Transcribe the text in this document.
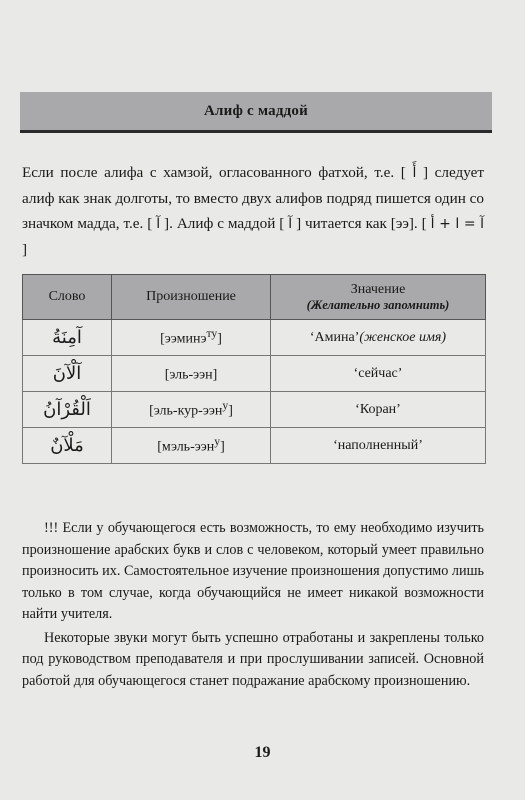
Алиф с маддой

Если после алифа с хамзой, огласованного фатхой, т.е. [ أَ ] следует алиф как знак долготы, то вместо двух алифов подряд пишется один со значком мадда, т.е. [ آ ]. Алиф с маддой [ آ ] читается как [ээ]. [ آ = ا + أ ]

Слово	Произношение	Значение
(Желательно запомнить)

آمِنَةُ	[ээминэ$^{ту}$]	‘Амина’(женское имя)
آلْآنَ	[эль-ээн]	‘сейчас’
اَلْقُرْآنُ	[эль-кур-ээн$^у$]	‘Коран’
مَلْآنٌ	[мэль-ээн$^у$]	‘наполненный’

!!! Если у обучающегося есть возможность, то ему необходимо изучить произношение арабских букв и слов с человеком, который умеет правильно произносить их. Самостоятельное изучение произношения допустимо лишь только в том случае, когда обучающийся не имеет никакой возможности найти учителя.

Некоторые звуки могут быть успешно отработаны и закреплены только под руководством преподавателя и при прослушивании записей. Основной работой для обучающегося станет подражание арабскому произношению.

19
